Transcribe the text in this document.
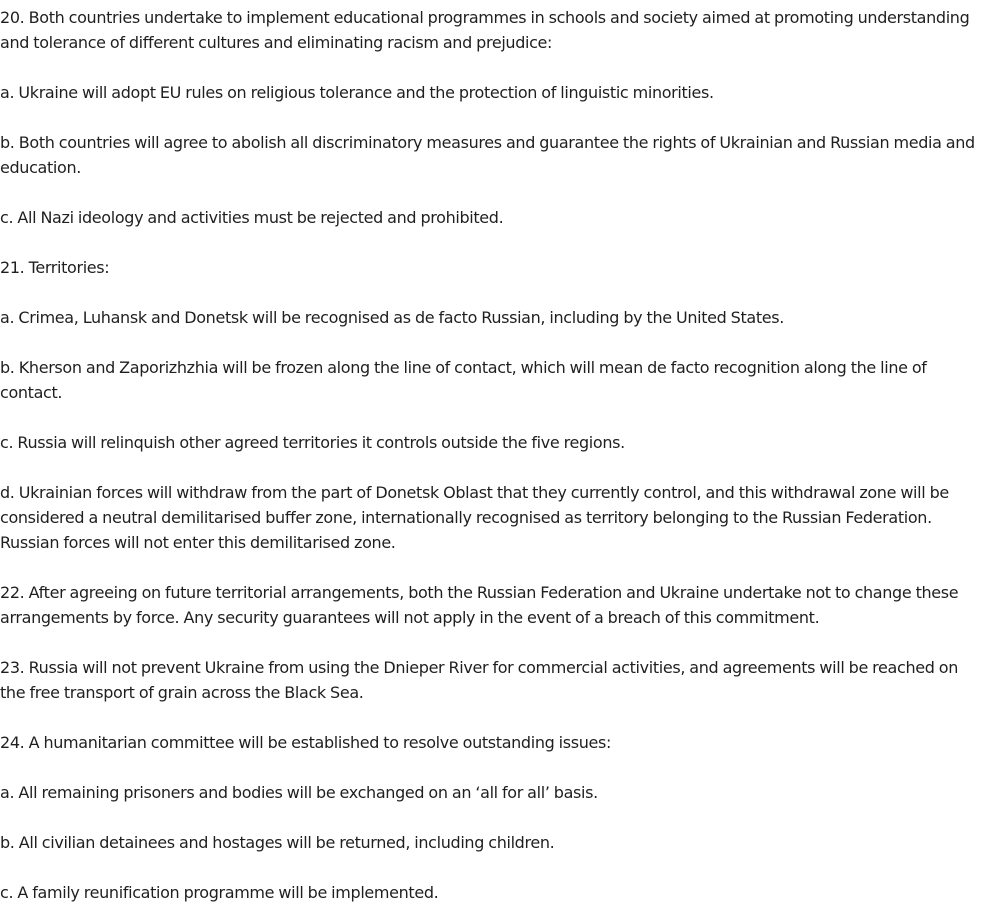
20. Both countries undertake to implement educational programmes in schools and society aimed at promoting understanding and tolerance of different cultures and eliminating racism and prejudice:

a. Ukraine will adopt EU rules on religious tolerance and the protection of linguistic minorities.

b. Both countries will agree to abolish all discriminatory measures and guarantee the rights of Ukrainian and Russian media and education.

c. All Nazi ideology and activities must be rejected and prohibited.

21. Territories:

a. Crimea, Luhansk and Donetsk will be recognised as de facto Russian, including by the United States.

b. Kherson and Zaporizhzhia will be frozen along the line of contact, which will mean de facto recognition along the line of contact.

c. Russia will relinquish other agreed territories it controls outside the five regions.

d. Ukrainian forces will withdraw from the part of Donetsk Oblast that they currently control, and this withdrawal zone will be considered a neutral demilitarised buffer zone, internationally recognised as territory belonging to the Russian Federation. Russian forces will not enter this demilitarised zone.

22. After agreeing on future territorial arrangements, both the Russian Federation and Ukraine undertake not to change these arrangements by force. Any security guarantees will not apply in the event of a breach of this commitment.

23. Russia will not prevent Ukraine from using the Dnieper River for commercial activities, and agreements will be reached on the free transport of grain across the Black Sea.

24. A humanitarian committee will be established to resolve outstanding issues:

a. All remaining prisoners and bodies will be exchanged on an ‘all for all’ basis.

b. All civilian detainees and hostages will be returned, including children.

c. A family reunification programme will be implemented.
